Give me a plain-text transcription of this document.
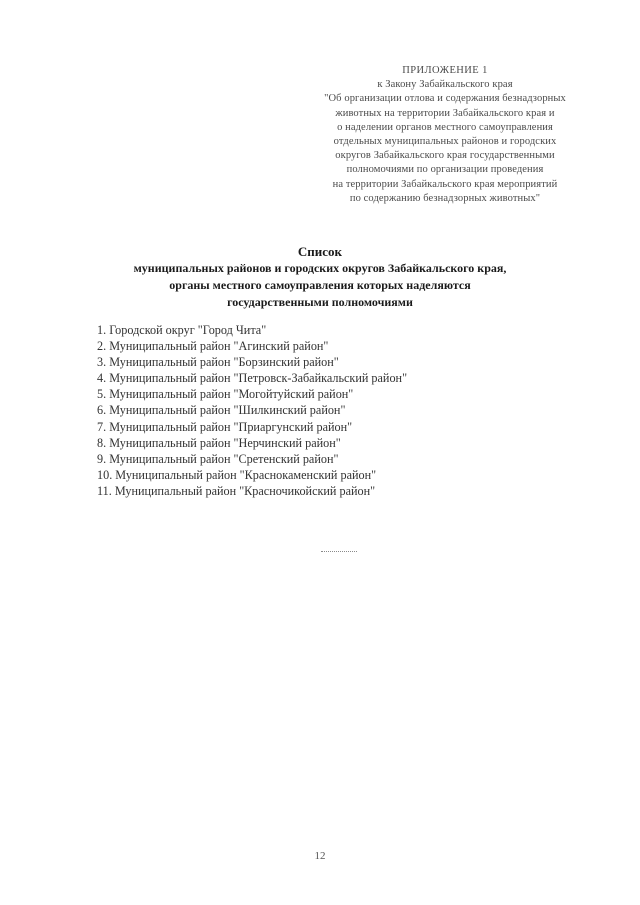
ПРИЛОЖЕНИЕ 1
к Закону Забайкальского края
"Об организации отлова и содержания безнадзорных
животных на территории Забайкальского края и
о наделении органов местного самоуправления
отдельных муниципальных районов и городских
округов Забайкальского края государственными
полномочиями по организации проведения
на территории Забайкальского края мероприятий
по содержанию безнадзорных животных"
Список
муниципальных районов и городских округов Забайкальского края,
органы местного самоуправления которых наделяются
государственными полномочиями
1. Городской округ "Город Чита"
2. Муниципальный район "Агинский район"
3. Муниципальный район "Борзинский район"
4. Муниципальный район "Петровск-Забайкальский район"
5. Муниципальный район "Могойтуйский район"
6. Муниципальный район "Шилкинский район"
7. Муниципальный район "Приаргунский район"
8. Муниципальный район "Нерчинский район"
9. Муниципальный район "Сретенский район"
10. Муниципальный район "Краснокаменский район"
11. Муниципальный район "Красночикойский район"
12
